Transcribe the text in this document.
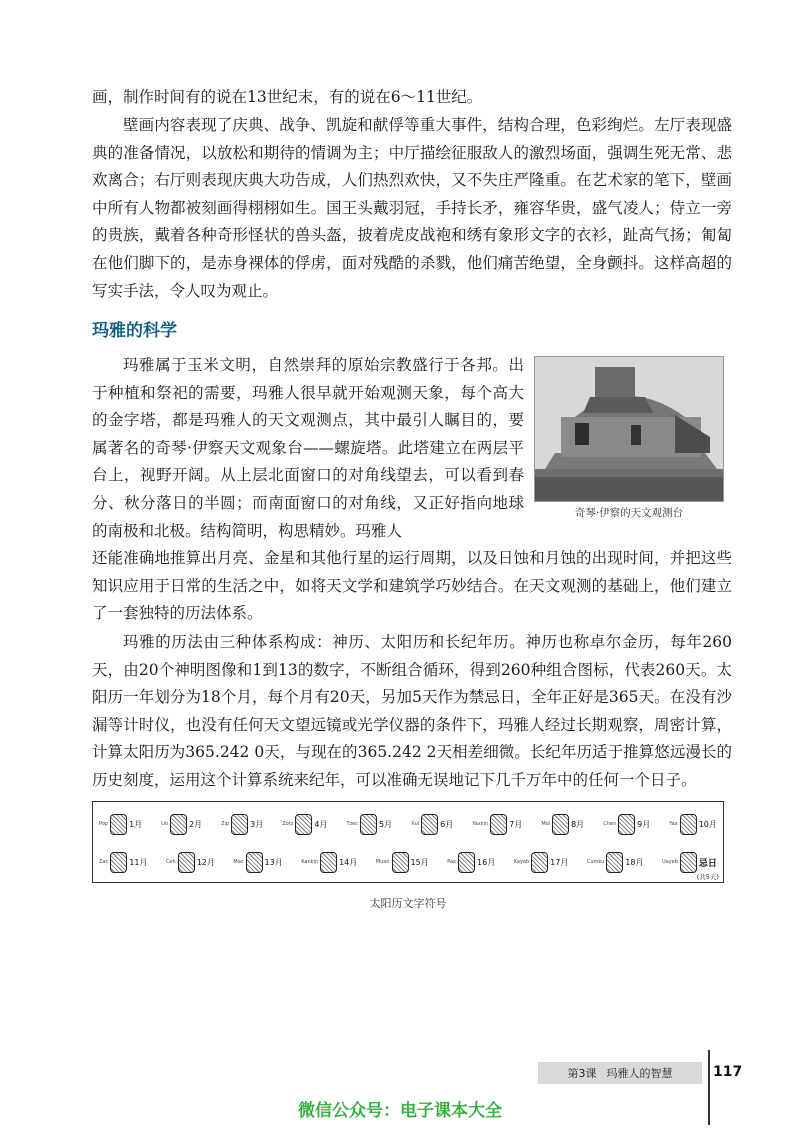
画，制作时间有的说在13世纪末，有的说在6～11世纪。

壁画内容表现了庆典、战争、凯旋和献俘等重大事件，结构合理，色彩绚烂。左厅表现盛典的准备情况，以放松和期待的情调为主；中厅描绘征服敌人的激烈场面，强调生死无常、悲欢离合；右厅则表现庆典大功告成，人们热烈欢快，又不失庄严隆重。在艺术家的笔下，壁画中所有人物都被刻画得栩栩如生。国王头戴羽冠，手持长矛，雍容华贵，盛气凌人；侍立一旁的贵族，戴着各种奇形怪状的兽头盔，披着虎皮战袍和绣有象形文字的衣衫，趾高气扬；匍匐在他们脚下的，是赤身裸体的俘虏，面对残酷的杀戮，他们痛苦绝望，全身颤抖。这样高超的写实手法，令人叹为观止。

玛雅的科学

玛雅属于玉米文明，自然崇拜的原始宗教盛行于各邦。出于种植和祭祀的需要，玛雅人很早就开始观测天象，每个高大的金字塔，都是玛雅人的天文观测点，其中最引人瞩目的，要属著名的奇琴·伊察天文观象台——螺旋塔。此塔建立在两层平台上，视野开阔。从上层北面窗口的对角线望去，可以看到春分、秋分落日的半圆；而南面窗口的对角线，又正好指向地球的南极和北极。结构简明，构思精妙。玛雅人

奇琴·伊察的天文观测台

还能准确地推算出月亮、金星和其他行星的运行周期，以及日蚀和月蚀的出现时间，并把这些知识应用于日常的生活之中，如将天文学和建筑学巧妙结合。在天文观测的基础上，他们建立了一套独特的历法体系。

玛雅的历法由三种体系构成：神历、太阳历和长纪年历。神历也称卓尔金历，每年260天，由20个神明图像和1到13的数字，不断组合循环，得到260种组合图标，代表260天。太阳历一年划分为18个月，每个月有20天，另加5天作为禁忌日，全年正好是365天。在没有沙漏等计时仪，也没有任何天文望远镜或光学仪器的条件下，玛雅人经过长期观察，周密计算，计算太阳历为365.242 0天，与现在的365.242 2天相差细微。长纪年历适于推算悠远漫长的历史刻度，运用这个计算系统来纪年，可以准确无误地记下几千万年中的任何一个日子。

Pop	1月	Uo	2月	Zip	3月	Zotz	4月	Tzec	5月	Xul	6月	Yaxkin	7月	Mol	8月	Chen	9月	Yax	10月
Zac	11月	Ceh	12月	Mac	13月	Kankin	14月	Muan	15月	Pax	16月	Kayab	17月	Cumku	18月	Uayeb 忌日
(共5天)
太阳历文字符号
第3课 玛雅人的智慧	117
微信公众号：电子课本大全
